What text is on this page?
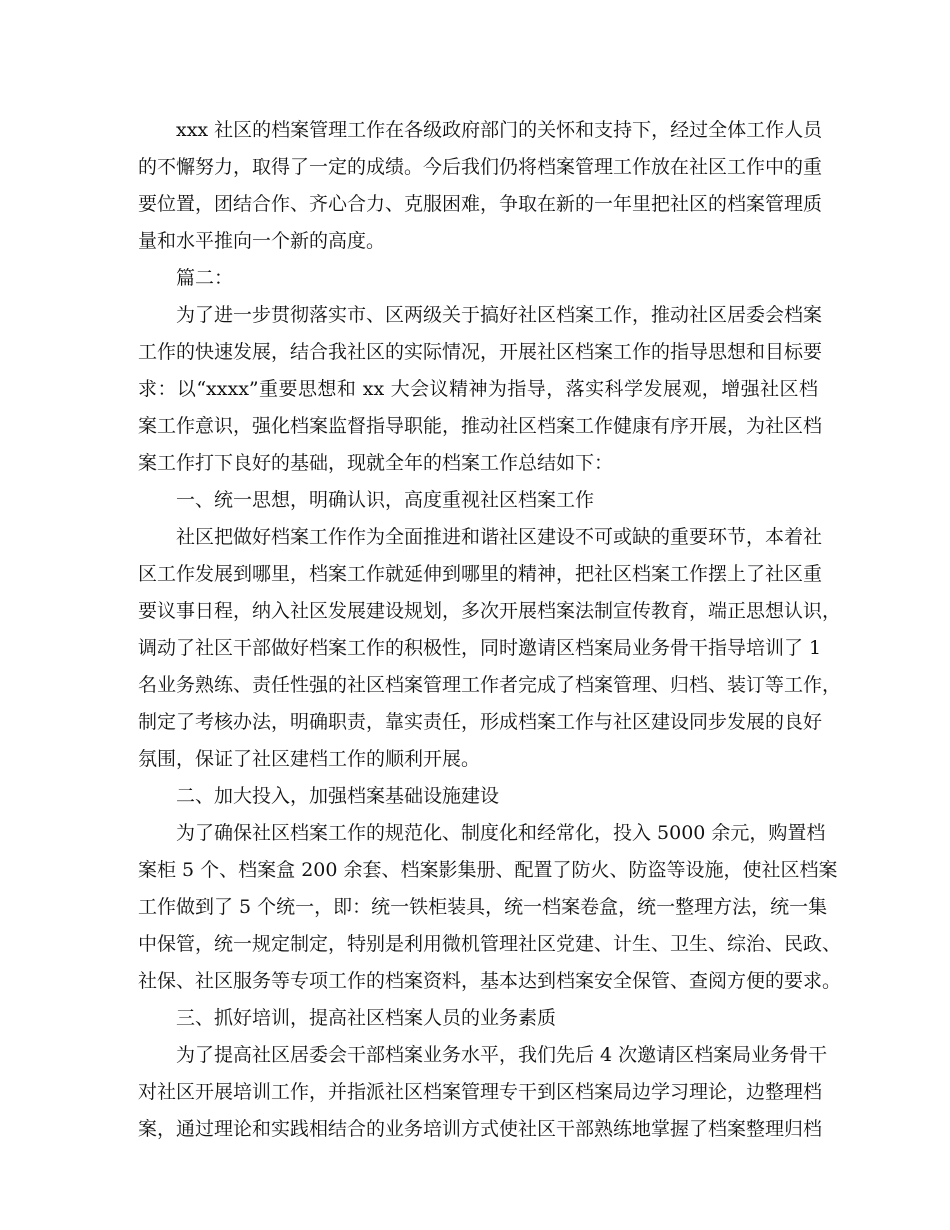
xxx 社区的档案管理工作在各级政府部门的关怀和支持下，经过全体工作人员
的不懈努力，取得了一定的成绩。今后我们仍将档案管理工作放在社区工作中的重
要位置，团结合作、齐心合力、克服困难，争取在新的一年里把社区的档案管理质
量和水平推向一个新的高度。
篇二：
为了进一步贯彻落实市、区两级关于搞好社区档案工作，推动社区居委会档案
工作的快速发展，结合我社区的实际情况，开展社区档案工作的指导思想和目标要
求：以“xxxx”重要思想和 xx 大会议精神为指导，落实科学发展观，增强社区档
案工作意识，强化档案监督指导职能，推动社区档案工作健康有序开展，为社区档
案工作打下良好的基础，现就全年的档案工作总结如下：
一、统一思想，明确认识，高度重视社区档案工作
社区把做好档案工作作为全面推进和谐社区建设不可或缺的重要环节，本着社
区工作发展到哪里，档案工作就延伸到哪里的精神，把社区档案工作摆上了社区重
要议事日程，纳入社区发展建设规划，多次开展档案法制宣传教育，端正思想认识，
调动了社区干部做好档案工作的积极性，同时邀请区档案局业务骨干指导培训了 1
名业务熟练、责任性强的社区档案管理工作者完成了档案管理、归档、装订等工作，
制定了考核办法，明确职责，靠实责任，形成档案工作与社区建设同步发展的良好
氛围，保证了社区建档工作的顺利开展。
二、加大投入，加强档案基础设施建设
为了确保社区档案工作的规范化、制度化和经常化，投入 5000 余元，购置档
案柜 5 个、档案盒 200 余套、档案影集册、配置了防火、防盗等设施，使社区档案
工作做到了 5 个统一，即：统一铁柜装具，统一档案卷盒，统一整理方法，统一集
中保管，统一规定制定，特别是利用微机管理社区党建、计生、卫生、综治、民政、
社保、社区服务等专项工作的档案资料，基本达到档案安全保管、查阅方便的要求。
三、抓好培训，提高社区档案人员的业务素质
为了提高社区居委会干部档案业务水平，我们先后 4 次邀请区档案局业务骨干
对社区开展培训工作，并指派社区档案管理专干到区档案局边学习理论，边整理档
案，通过理论和实践相结合的业务培训方式使社区干部熟练地掌握了档案整理归档
